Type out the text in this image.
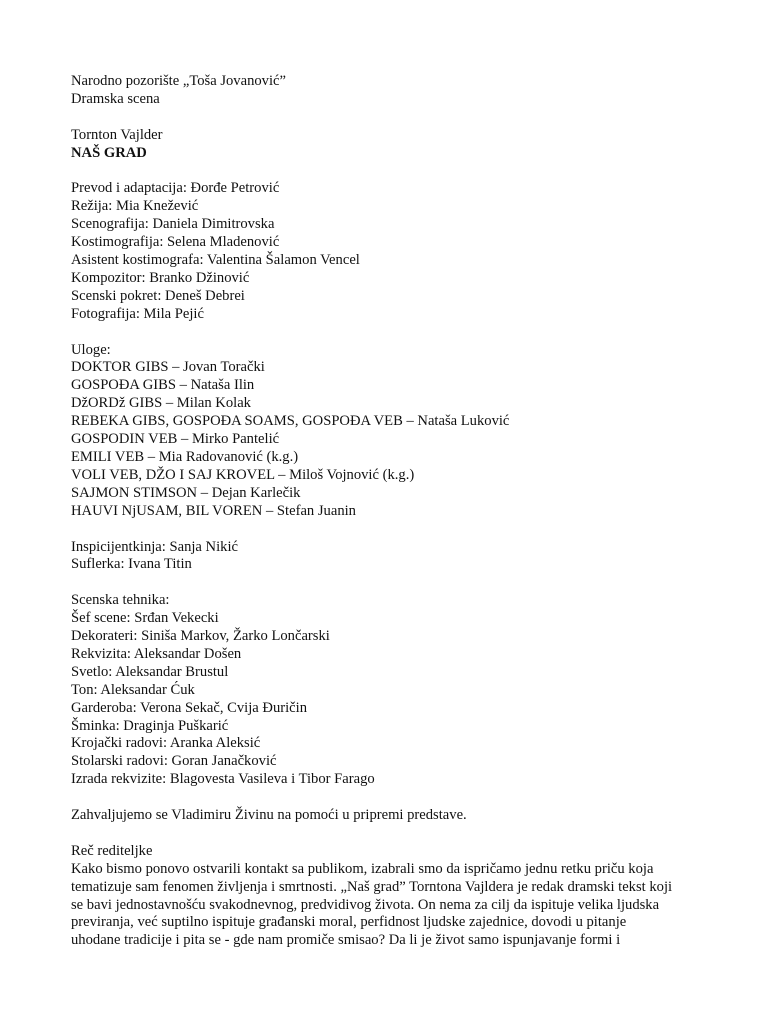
Narodno pozorište „Toša Jovanović”
Dramska scena
Tornton Vajlder
NAŠ GRAD
Prevod i adaptacija: Đorđe Petrović
Režija: Mia Knežević
Scenografija: Daniela Dimitrovska
Kostimografija: Selena Mladenović
Asistent kostimografa: Valentina Šalamon Vencel
Kompozitor: Branko Džinović
Scenski pokret: Deneš Debrei
Fotografija: Mila Pejić
Uloge:
DOKTOR GIBS – Jovan Torački
GOSPOĐA GIBS – Nataša Ilin
DžORDž GIBS – Milan Kolak
REBEKA GIBS, GOSPOĐA SOAMS, GOSPOĐA VEB – Nataša Luković
GOSPODIN VEB – Mirko Pantelić
EMILI VEB – Mia Radovanović (k.g.)
VOLI VEB, DŽO I SAJ KROVEL – Miloš Vojnović (k.g.)
SAJMON STIMSON – Dejan Karlečik
HAUVI NjUSAM, BIL VOREN – Stefan Juanin
Inspicijentkinja: Sanja Nikić
Suflerka: Ivana Titin
Scenska tehnika:
Šef scene: Srđan Vekecki
Dekorateri: Siniša Markov, Žarko Lončarski
Rekvizita: Aleksandar Došen
Svetlo: Aleksandar Brustul
Ton: Aleksandar Ćuk
Garderoba: Verona Sekač, Cvija Đuričin
Šminka: Draginja Puškarić
Krojački radovi: Aranka Aleksić
Stolarski radovi: Goran Janačković
Izrada rekvizite: Blagovesta Vasileva i Tibor Farago
Zahvaljujemo se Vladimiru Živinu na pomoći u pripremi predstave.
Reč rediteljke
Kako bismo ponovo ostvarili kontakt sa publikom, izabrali smo da ispričamo jednu retku priču koja
tematizuje sam fenomen življenja i smrtnosti. „Naš grad” Torntona Vajldera je redak dramski tekst koji
se bavi jednostavnošću svakodnevnog, predvidivog života. On nema za cilj da ispituje velika ljudska
previranja, već suptilno ispituje građanski moral, perfidnost ljudske zajednice, dovodi u pitanje
uhodane tradicije i pita se - gde nam promiče smisao? Da li je život samo ispunjavanje formi i
